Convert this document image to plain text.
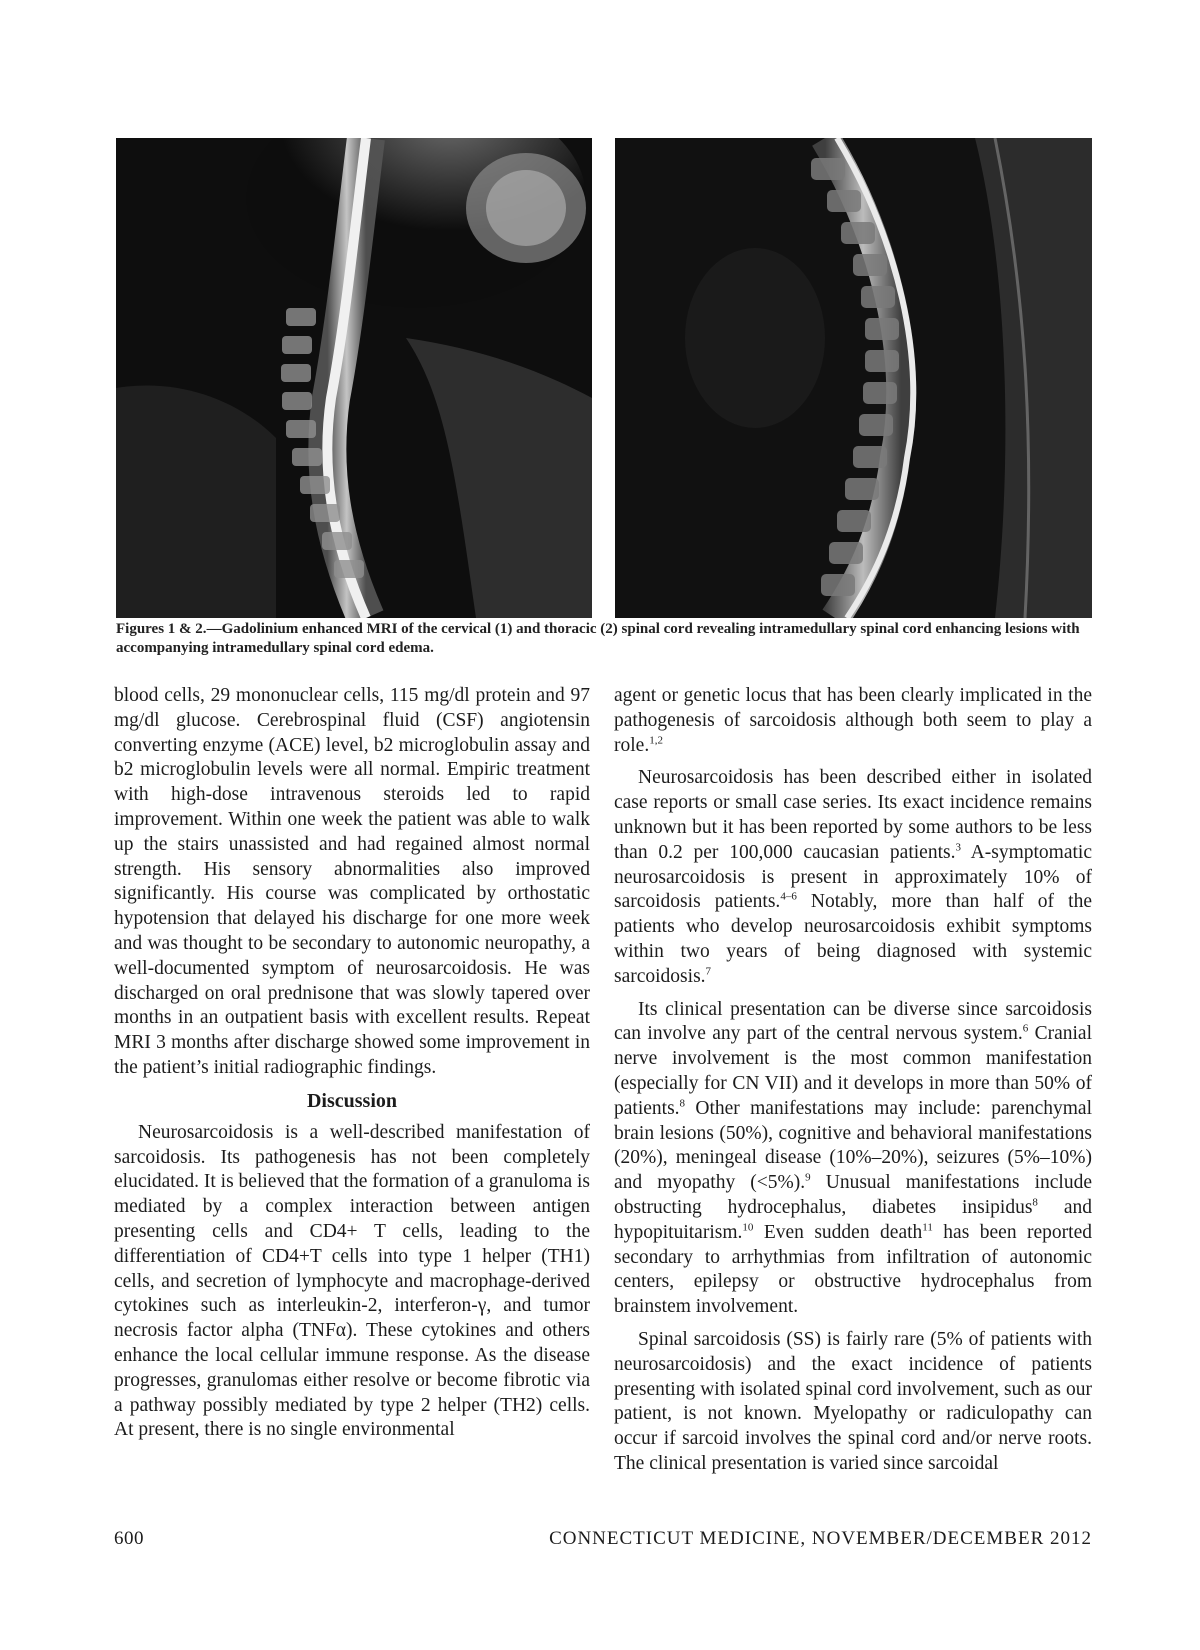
Figures 1 & 2.—Gadolinium enhanced MRI of the cervical (1) and thoracic (2) spinal cord revealing intramedullary spinal cord enhancing lesions with accompanying intramedullary spinal cord edema.

blood cells, 29 mononuclear cells, 115 mg/dl protein and 97 mg/dl glucose. Cerebrospinal fluid (CSF) angiotensin converting enzyme (ACE) level, b2 microglobulin assay and b2 microglobulin levels were all normal. Empiric treatment with high-dose intravenous steroids led to rapid improvement. Within one week the patient was able to walk up the stairs unassisted and had regained almost normal strength. His sensory abnormalities also improved significantly. His course was complicated by orthostatic hypotension that delayed his discharge for one more week and was thought to be secondary to autonomic neuropathy, a well-documented symptom of neurosarcoidosis. He was discharged on oral prednisone that was slowly tapered over months in an outpatient basis with excellent results. Repeat MRI 3 months after discharge showed some improvement in the patient’s initial radiographic findings.

Discussion

Neurosarcoidosis is a well-described manifestation of sarcoidosis. Its pathogenesis has not been completely elucidated. It is believed that the formation of a granuloma is mediated by a complex interaction between antigen presenting cells and CD4+ T cells, leading to the differentiation of CD4+T cells into type 1 helper (TH1) cells, and secretion of lymphocyte and macrophage-derived cytokines such as interleukin-2, interferon-γ, and tumor necrosis factor alpha (TNFα). These cytokines and others enhance the local cellular immune response. As the disease progresses, granulomas either resolve or become fibrotic via a pathway possibly mediated by type 2 helper (TH2) cells. At present, there is no single environmental

agent or genetic locus that has been clearly implicated in the pathogenesis of sarcoidosis although both seem to play a role.$^{1,2}$

Neurosarcoidosis has been described either in isolated case reports or small case series. Its exact incidence remains unknown but it has been reported by some authors to be less than 0.2 per 100,000 caucasian patients.$^3$ A-symptomatic neurosarcoidosis is present in approximately 10% of sarcoidosis patients.$^{4-6}$ Notably, more than half of the patients who develop neurosarcoidosis exhibit symptoms within two years of being diagnosed with systemic sarcoidosis.$^7$

Its clinical presentation can be diverse since sarcoidosis can involve any part of the central nervous system.$^6$ Cranial nerve involvement is the most common manifestation (especially for CN VII) and it develops in more than 50% of patients.$^8$ Other manifestations may include: parenchymal brain lesions (50%), cognitive and behavioral manifestations (20%), meningeal disease (10%–20%), seizures (5%–10%) and myopathy (<5%).$^9$ Unusual manifestations include obstructing hydrocephalus, diabetes insipidus$^8$ and hypopituitarism.$^{10}$ Even sudden death$^{11}$ has been reported secondary to arrhythmias from infiltration of autonomic centers, epilepsy or obstructive hydrocephalus from brainstem involvement.

Spinal sarcoidosis (SS) is fairly rare (5% of patients with neurosarcoidosis) and the exact incidence of patients presenting with isolated spinal cord involvement, such as our patient, is not known. Myelopathy or radiculopathy can occur if sarcoid involves the spinal cord and/or nerve roots. The clinical presentation is varied since sarcoidal

600	CONNECTICUT MEDICINE, NOVEMBER/DECEMBER 2012
